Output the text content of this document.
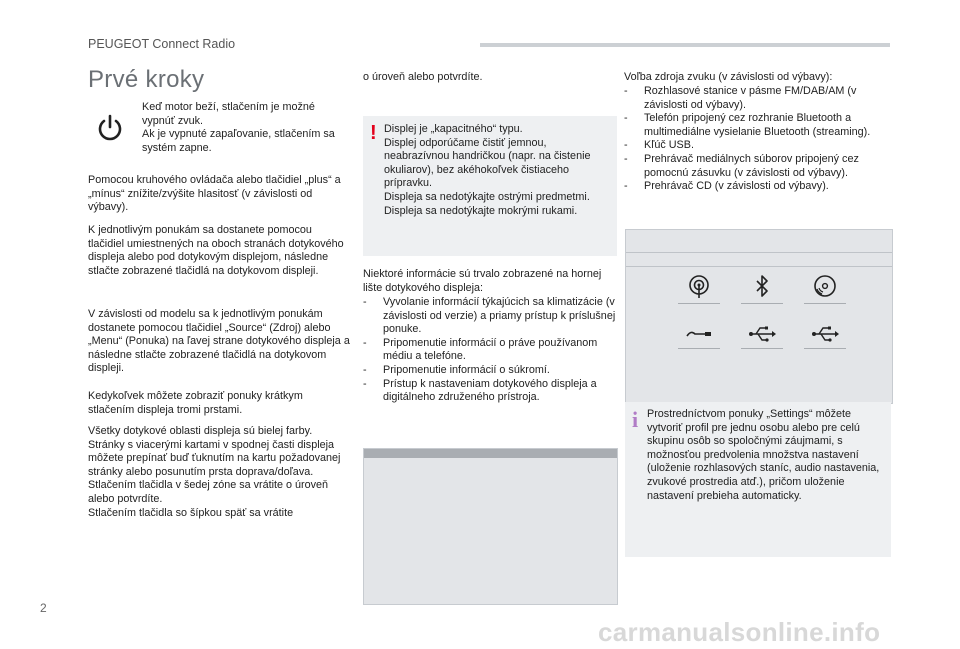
PEUGEOT Connect Radio
Prvé kroky
Keď motor beží, stlačením je možné vypnúť zvuk.
Ak je vypnuté zapaľovanie, stlačením sa systém zapne.
Pomocou kruhového ovládača alebo tlačidiel „plus“ a „mínus“ znížite/zvýšite hlasitosť (v závislosti od výbavy).
K jednotlivým ponukám sa dostanete pomocou tlačidiel umiestnených na oboch stranách dotykového displeja alebo pod dotykovým displejom, následne stlačte zobrazené tlačidlá na dotykovom displeji.
V závislosti od modelu sa k jednotlivým ponukám dostanete pomocou tlačidiel „Source“ (Zdroj) alebo „Menu“ (Ponuka) na ľavej strane dotykového displeja a následne stlačte zobrazené tlačidlá na dotykovom displeji.
Kedykoľvek môžete zobraziť ponuky krátkym stlačením displeja tromi prstami.
Všetky dotykové oblasti displeja sú bielej farby.
Stránky s viacerými kartami v spodnej časti displeja môžete prepínať buď ťuknutím na kartu požadovanej stránky alebo posunutím prsta doprava/doľava.
Stlačením tlačidla v šedej zóne sa vrátite o úroveň alebo potvrdíte.
Stlačením tlačidla so šípkou späť sa vrátite
o úroveň alebo potvrdíte.
! Displej je „kapacitného“ typu.
Displej odporúčame čistiť jemnou, neabrazívnou handričkou (napr. na čistenie okuliarov), bez akéhokoľvek čistiaceho prípravku.
Displeja sa nedotýkajte ostrými predmetmi.
Displeja sa nedotýkajte mokrými rukami.
Niektoré informácie sú trvalo zobrazené na hornej lište dotykového displeja:
- Vyvolanie informácií týkajúcich sa klimatizácie (v závislosti od verzie) a priamy prístup k príslušnej ponuke.
- Pripomenutie informácií o práve používanom médiu a telefóne.
- Pripomenutie informácií o súkromí.
- Prístup k nastaveniam dotykového displeja a digitálneho združeného prístroja.
Voľba zdroja zvuku (v závislosti od výbavy):
- Rozhlasové stanice v pásme FM/DAB/AM (v závislosti od výbavy).
- Telefón pripojený cez rozhranie Bluetooth a multimediálne vysielanie Bluetooth (streaming).
- Kľúč USB.
- Prehrávač mediálnych súborov pripojený cez pomocnú zásuvku (v závislosti od výbavy).
- Prehrávač CD (v závislosti od výbavy).
i Prostredníctvom ponuky „Settings“ môžete vytvoriť profil pre jednu osobu alebo pre celú skupinu osôb so spoločnými záujmami, s možnosťou predvolenia množstva nastavení (uloženie rozhlasových staníc, audio nastavenia, zvukové prostredia atď.), pričom uloženie nastavení prebieha automaticky.
2
carmanualsonline.info
